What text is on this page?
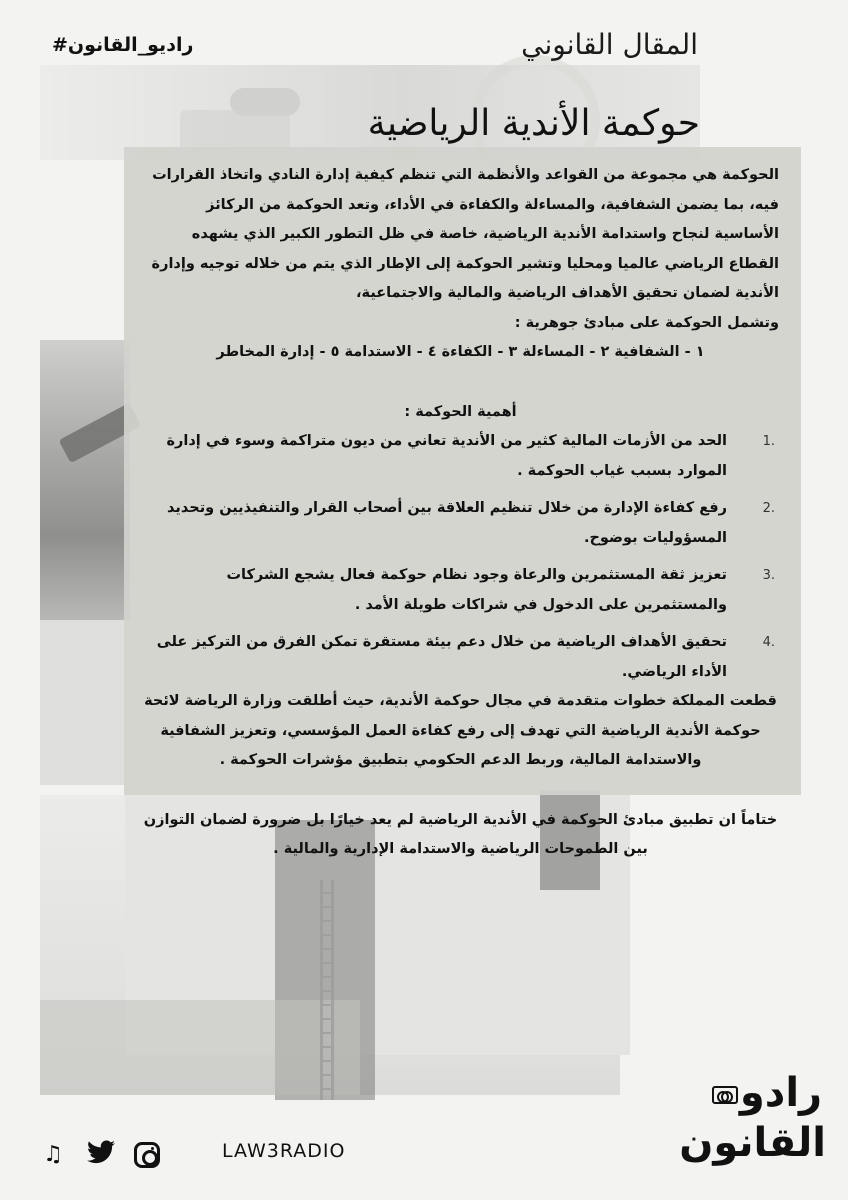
#راديو_القانون	المقال القانوني
حوكمة الأندية الرياضية

الحوكمة هي مجموعة من القواعد والأنظمة التي تنظم كيفية إدارة النادي واتخاذ القرارات فيه، بما يضمن الشفافية، والمساءلة والكفاءة في الأداء، وتعد الحوكمة من الركائز الأساسية لنجاح واستدامة الأندية الرياضية، خاصة في ظل التطور الكبير الذي يشهده القطاع الرياضي عالميا ومحليا وتشير الحوكمة إلى الإطار الذي يتم من خلاله توجيه وإدارة الأندية لضمان تحقيق الأهداف الرياضية والمالية والاجتماعية،

وتشمل الحوكمة على مبادئ جوهرية :

١ - الشفافية ٢ - المساءلة ٣ - الكفاءة ٤ - الاستدامة ٥ - إدارة المخاطر

أهمية الحوكمة :

1.
الحد من الأزمات المالية كثير من الأندية تعاني من ديون متراكمة وسوء في إدارة الموارد بسبب غياب الحوكمة .
2.
رفع كفاءة الإدارة من خلال تنظيم العلاقة بين أصحاب القرار والتنفيذيين وتحديد المسؤوليات بوضوح.
3.
تعزيز ثقة المستثمرين والرعاة وجود نظام حوكمة فعال يشجع الشركات والمستثمرين على الدخول في شراكات طويلة الأمد .
4.
تحقيق الأهداف الرياضية من خلال دعم بيئة مستقرة تمكن الفرق من التركيز على الأداء الرياضي.

قطعت المملكة خطوات متقدمة في مجال حوكمة الأندية، حيث أطلقت وزارة الرياضة لائحة حوكمة الأندية الرياضية التي تهدف إلى رفع كفاءة العمل المؤسسي، وتعزيز الشفافية والاستدامة المالية، وربط الدعم الحكومي بتطبيق مؤشرات الحوكمة .

ختاماً ان تطبيق مبادئ الحوكمة في الأندية الرياضية لم يعد خيارًا بل ضرورة لضمان التوازن بين الطموحات الرياضية والاستدامة الإدارية والمالية .

♫	LAW3RADIO
رادو
القانون
